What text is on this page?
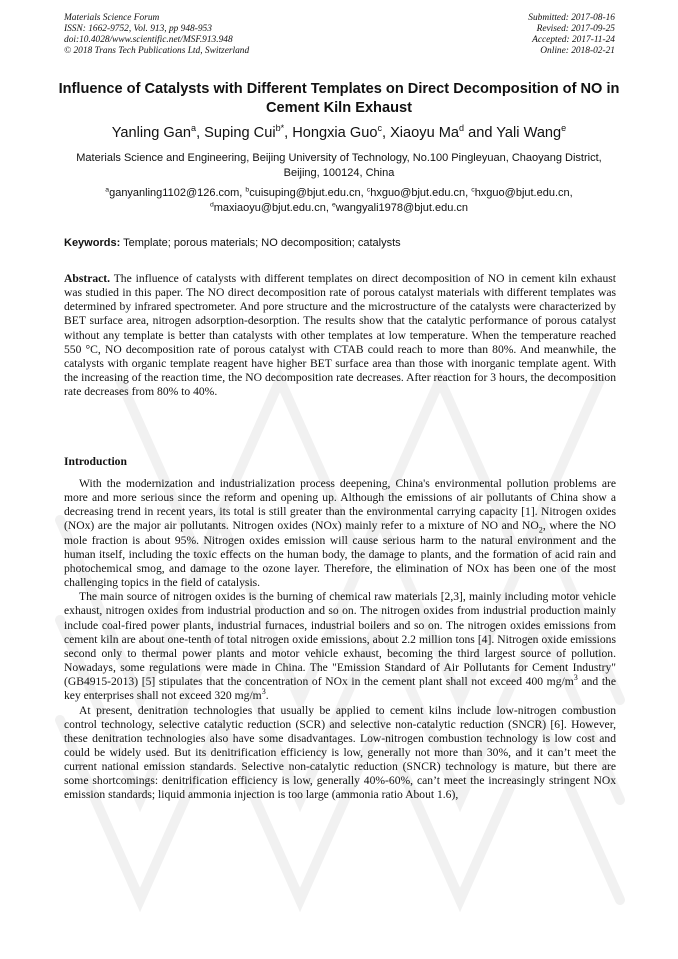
Materials Science Forum
ISSN: 1662-9752, Vol. 913, pp 948-953
doi:10.4028/www.scientific.net/MSF.913.948
© 2018 Trans Tech Publications Ltd, Switzerland
Submitted: 2017-08-16
Revised: 2017-09-25
Accepted: 2017-11-24
Online: 2018-02-21
Influence of Catalysts with Different Templates on Direct Decomposition of NO in Cement Kiln Exhaust
Yanling Gan$^a$, Suping Cui$^{b*}$, Hongxia Guo$^c$, Xiaoyu Ma$^d$ and Yali Wang$^e$
Materials Science and Engineering, Beijing University of Technology, No.100 Pingleyuan, Chaoyang District, Beijing, 100124, China
$^a$ganyanling1102@126.com, $^b$cuisuping@bjut.edu.cn, $^c$hxguo@bjut.edu.cn, $^c$hxguo@bjut.edu.cn,
$^d$maxiaoyu@bjut.edu.cn, $^e$wangyali1978@bjut.edu.cn
Keywords: Template; porous materials; NO decomposition; catalysts
Abstract. The influence of catalysts with different templates on direct decomposition of NO in cement kiln exhaust was studied in this paper. The NO direct decomposition rate of porous catalyst materials with different templates was determined by infrared spectrometer. And pore structure and the microstructure of the catalysts were characterized by BET surface area, nitrogen adsorption-desorption. The results show that the catalytic performance of porous catalyst without any template is better than catalysts with other templates at low temperature. When the temperature reached 550 °C, NO decomposition rate of porous catalyst with CTAB could reach to more than 80%. And meanwhile, the catalysts with organic template reagent have higher BET surface area than those with inorganic template agent. With the increasing of the reaction time, the NO decomposition rate decreases. After reaction for 3 hours, the decomposition rate decreases from 80% to 40%.
Introduction

With the modernization and industrialization process deepening, China's environmental pollution problems are more and more serious since the reform and opening up. Although the emissions of air pollutants of China show a decreasing trend in recent years, its total is still greater than the environmental carrying capacity [1]. Nitrogen oxides (NOx) are the major air pollutants. Nitrogen oxides (NOx) mainly refer to a mixture of NO and $NO_2$, where the NO mole fraction is about 95%. Nitrogen oxides emission will cause serious harm to the natural environment and the human itself, including the toxic effects on the human body, the damage to plants, and the formation of acid rain and photochemical smog, and damage to the ozone layer. Therefore, the elimination of NOx has been one of the most challenging topics in the field of catalysis.

The main source of nitrogen oxides is the burning of chemical raw materials [2,3], mainly including motor vehicle exhaust, nitrogen oxides from industrial production and so on. The nitrogen oxides from industrial production mainly include coal-fired power plants, industrial furnaces, industrial boilers and so on. The nitrogen oxides emissions from cement kiln are about one-tenth of total nitrogen oxide emissions, about 2.2 million tons [4]. Nitrogen oxide emissions second only to thermal power plants and motor vehicle exhaust, becoming the third largest source of pollution. Nowadays, some regulations were made in China. The "Emission Standard of Air Pollutants for Cement Industry" (GB4915-2013) [5] stipulates that the concentration of NOx in the cement plant shall not exceed 400 $mg/m^3$ and the key enterprises shall not exceed 320 $mg/m^3$.

At present, denitration technologies that usually be applied to cement kilns include low-nitrogen combustion control technology, selective catalytic reduction (SCR) and selective non-catalytic reduction (SNCR) [6]. However, these denitration technologies also have some disadvantages. Low-nitrogen combustion technology is low cost and could be widely used. But its denitrification efficiency is low, generally not more than 30%, and it can’t meet the current national emission standards. Selective non-catalytic reduction (SNCR) technology is mature, but there are some shortcomings: denitrification efficiency is low, generally 40%-60%, can’t meet the increasingly stringent NOx emission standards; liquid ammonia injection is too large (ammonia ratio About 1.6),
